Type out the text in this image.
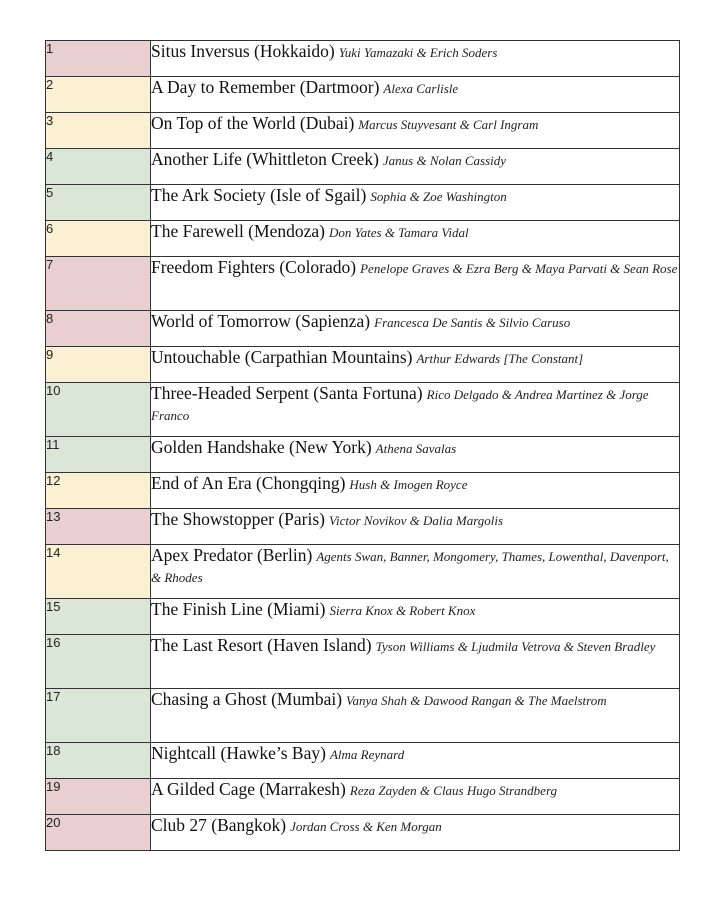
1	Situs Inversus (Hokkaido) Yuki Yamazaki & Erich Soders
2	A Day to Remember (Dartmoor) Alexa Carlisle
3	On Top of the World (Dubai) Marcus Stuyvesant & Carl Ingram
4	Another Life (Whittleton Creek) Janus & Nolan Cassidy
5	The Ark Society (Isle of Sgail) Sophia & Zoe Washington
6	The Farewell (Mendoza) Don Yates & Tamara Vidal
7	Freedom Fighters (Colorado) Penelope Graves & Ezra Berg & Maya Parvati & Sean Rose
8	World of Tomorrow (Sapienza) Francesca De Santis & Silvio Caruso
9	Untouchable (Carpathian Mountains) Arthur Edwards [The Constant]
10	Three-Headed Serpent (Santa Fortuna) Rico Delgado & Andrea Martinez & Jorge Franco
11	Golden Handshake (New York) Athena Savalas
12	End of An Era (Chongqing) Hush & Imogen Royce
13	The Showstopper (Paris) Victor Novikov & Dalia Margolis
14	Apex Predator (Berlin) Agents Swan, Banner, Mongomery, Thames, Lowenthal, Davenport, & Rhodes
15	The Finish Line (Miami) Sierra Knox & Robert Knox
16	The Last Resort (Haven Island) Tyson Williams & Ljudmila Vetrova & Steven Bradley
17	Chasing a Ghost (Mumbai) Vanya Shah & Dawood Rangan & The Maelstrom
18	Nightcall (Hawke’s Bay) Alma Reynard
19	A Gilded Cage (Marrakesh) Reza Zayden & Claus Hugo Strandberg
20	Club 27 (Bangkok) Jordan Cross & Ken Morgan
